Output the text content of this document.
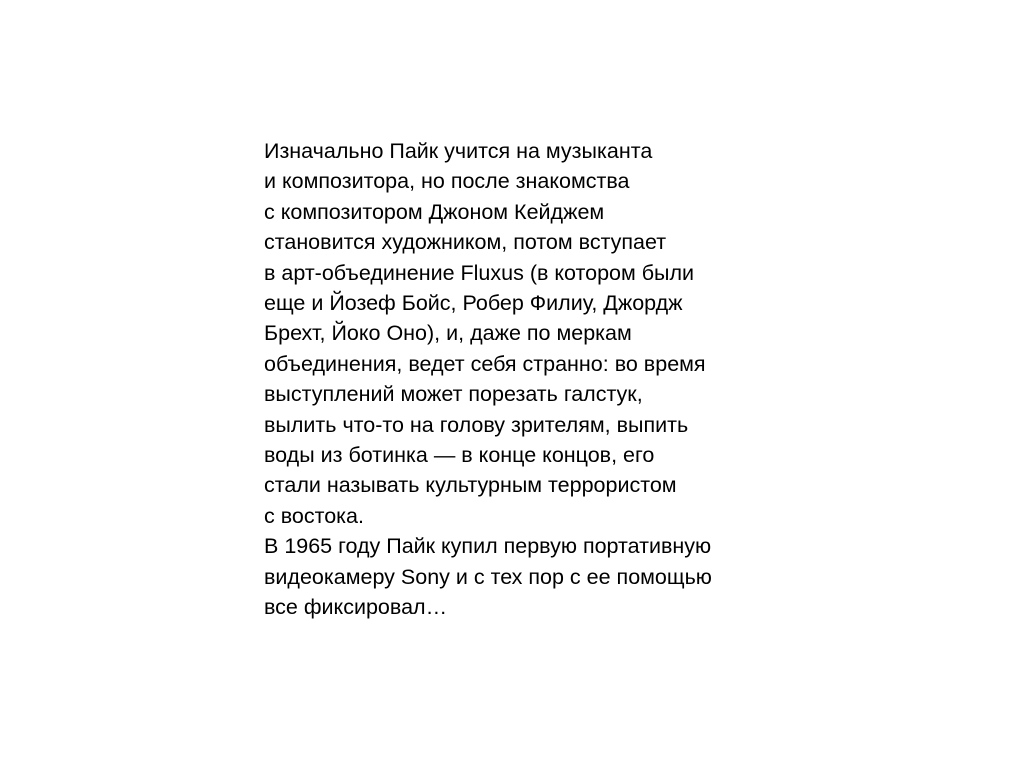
Изначально Пайк учится на музыканта
и композитора, но после знакомства
с композитором Джоном Кейджем
становится художником, потом вступает
в арт-объединение Fluxus (в котором были
еще и Йозеф Бойс, Робер Филиу, Джордж
Брехт, Йоко Оно), и, даже по меркам
объединения, ведет себя странно: во время
выступлений может порезать галстук,
вылить что-то на голову зрителям, выпить
воды из ботинка — в конце концов, его
стали называть культурным террористом
с востока.
В 1965 году Пайк купил первую портативную
видеокамеру Sony и с тех пор с ее помощью
все фиксировал…
